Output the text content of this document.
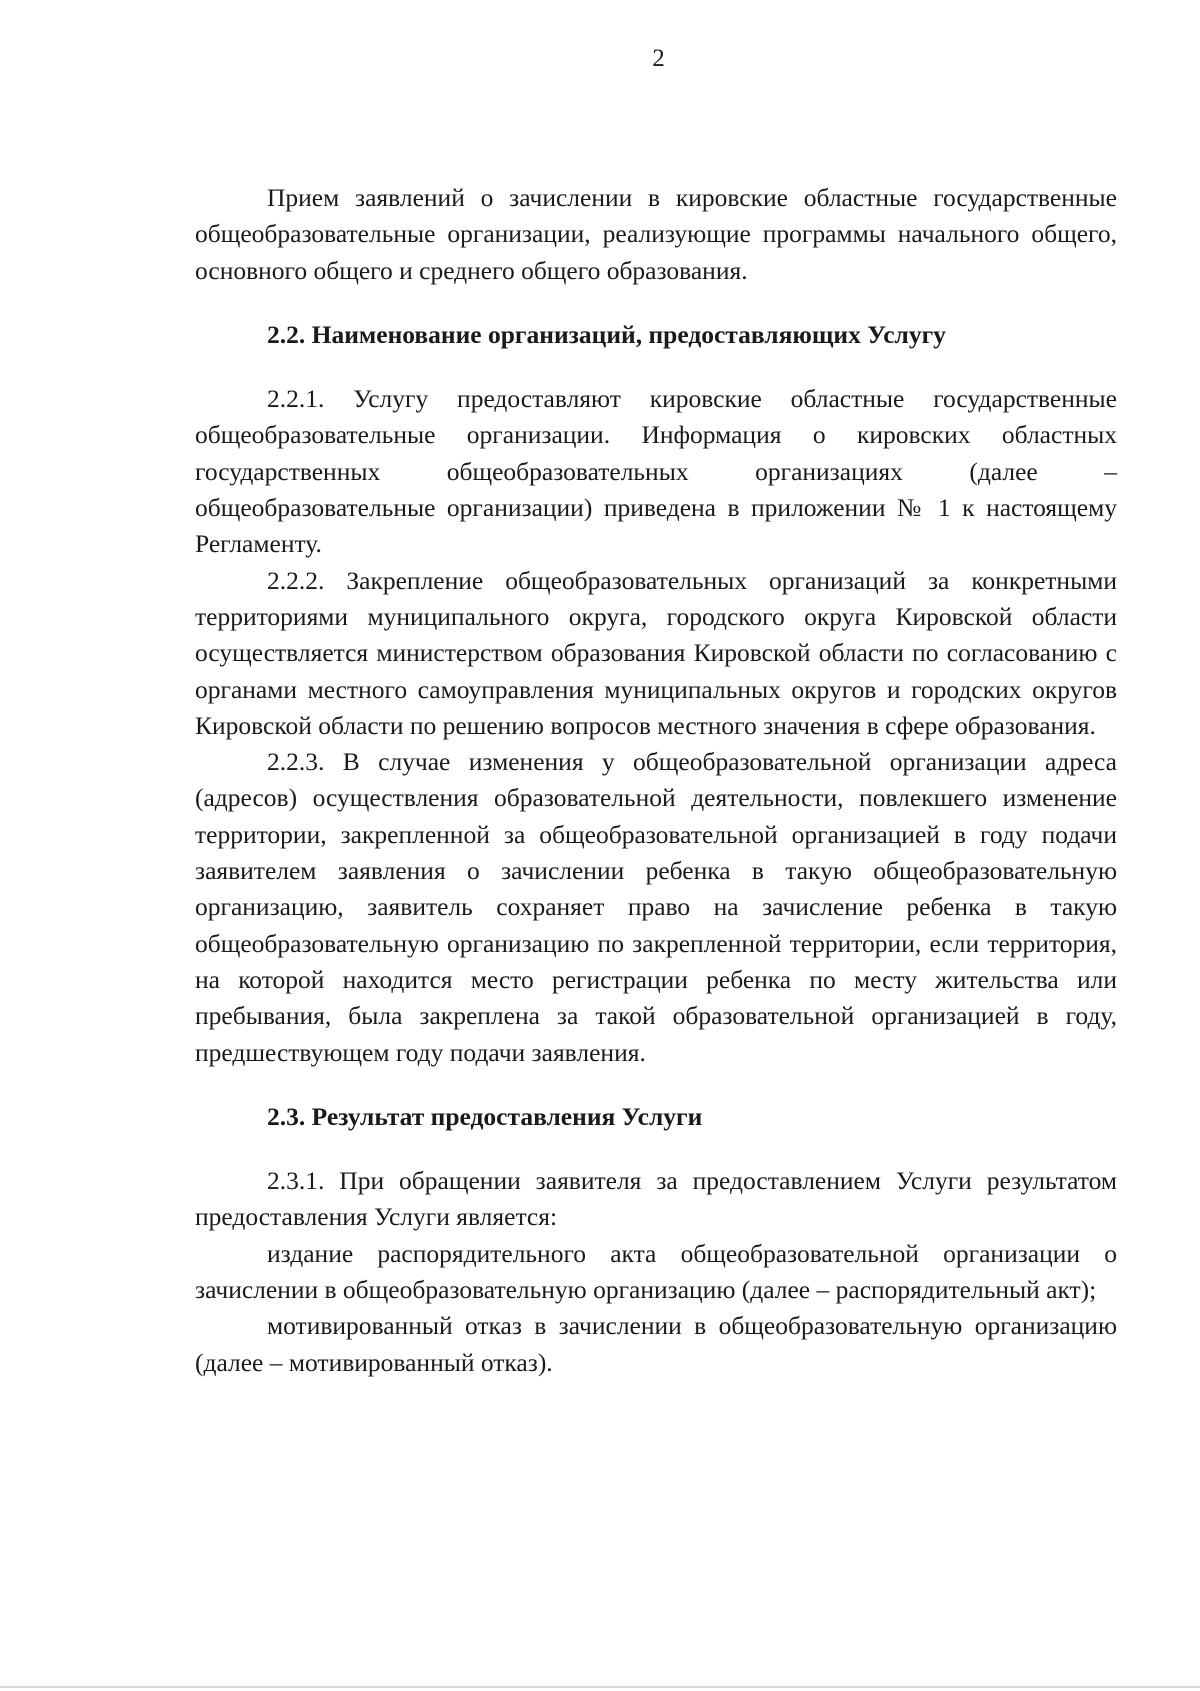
2

Прием заявлений о зачислении в кировские областные государственные общеобразовательные организации, реализующие программы начального общего, основного общего и среднего общего образования.

2.2. Наименование организаций, предоставляющих Услугу

2.2.1. Услугу предоставляют кировские областные государственные общеобразовательные организации. Информация о кировских областных государственных общеобразовательных организациях (далее – общеобразовательные организации) приведена в приложении № 1 к настоящему Регламенту.

2.2.2. Закрепление общеобразовательных организаций за конкретными территориями муниципального округа, городского округа Кировской области осуществляется министерством образования Кировской области по согласованию с органами местного самоуправления муниципальных округов и городских округов Кировской области по решению вопросов местного значения в сфере образования.

2.2.3. В случае изменения у общеобразовательной организации адреса (адресов) осуществления образовательной деятельности, повлекшего изменение территории, закрепленной за общеобразовательной организацией в году подачи заявителем заявления о зачислении ребенка в такую общеобразовательную организацию, заявитель сохраняет право на зачисление ребенка в такую общеобразовательную организацию по закрепленной территории, если территория, на которой находится место регистрации ребенка по месту жительства или пребывания, была закреплена за такой образовательной организацией в году, предшествующем году подачи заявления.

2.3. Результат предоставления Услуги

2.3.1. При обращении заявителя за предоставлением Услуги результатом предоставления Услуги является:

издание распорядительного акта общеобразовательной организации о зачислении в общеобразовательную организацию (далее – распорядительный акт);

мотивированный отказ в зачислении в общеобразовательную организацию (далее – мотивированный отказ).
